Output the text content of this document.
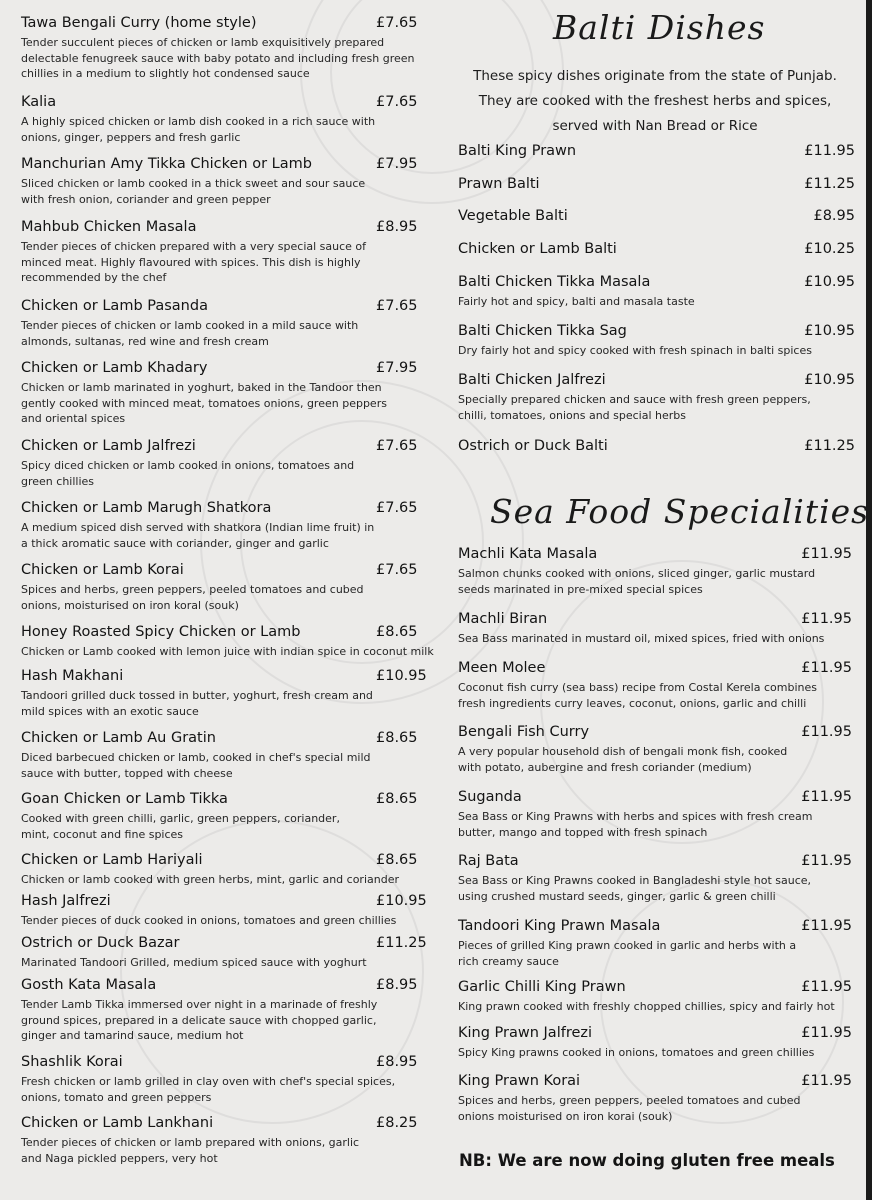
Tawa Bengali Curry (home style)	£7.65
Tender succulent pieces of chicken or lamb exquisitively prepared
delectable fenugreek sauce with baby potato and including fresh green
chillies in a medium to slightly hot condensed sauce
Kalia	£7.65
A highly spiced chicken or lamb dish cooked in a rich sauce with
onions, ginger, peppers and fresh garlic
Manchurian Amy Tikka Chicken or Lamb	£7.95
Sliced chicken or lamb cooked in a thick sweet and sour sauce
with fresh onion, coriander and green pepper
Mahbub Chicken Masala	£8.95
Tender pieces of chicken prepared with a very special sauce of
minced meat. Highly flavoured with spices. This dish is highly
recommended by the chef
Chicken or Lamb Pasanda	£7.65
Tender pieces of chicken or lamb cooked in a mild sauce with
almonds, sultanas, red wine and fresh cream
Chicken or Lamb Khadary	£7.95
Chicken or lamb marinated in yoghurt, baked in the Tandoor then
gently cooked with minced meat, tomatoes onions, green peppers
and oriental spices
Chicken or Lamb Jalfrezi	£7.65
Spicy diced chicken or lamb cooked in onions, tomatoes and
green chillies
Chicken or Lamb Marugh Shatkora	£7.65
A medium spiced dish served with shatkora (Indian lime fruit) in
a thick aromatic sauce with coriander, ginger and garlic
Chicken or Lamb Korai	£7.65
Spices and herbs, green peppers, peeled tomatoes and cubed
onions, moisturised on iron koral (souk)
Honey Roasted Spicy Chicken or Lamb	£8.65
Chicken or Lamb cooked with lemon juice with indian spice in coconut milk
Hash Makhani	£10.95
Tandoori grilled duck tossed in butter, yoghurt, fresh cream and
mild spices with an exotic sauce
Chicken or Lamb Au Gratin	£8.65
Diced barbecued chicken or lamb, cooked in chef's special mild
sauce with butter, topped with cheese
Goan Chicken or Lamb Tikka	£8.65
Cooked with green chilli, garlic, green peppers, coriander,
mint, coconut and fine spices
Chicken or Lamb Hariyali	£8.65
Chicken or lamb cooked with green herbs, mint, garlic and coriander
Hash Jalfrezi	£10.95
Tender pieces of duck cooked in onions, tomatoes and green chillies
Ostrich or Duck Bazar	£11.25
Marinated Tandoori Grilled, medium spiced sauce with yoghurt
Gosth Kata Masala	£8.95
Tender Lamb Tikka immersed over night in a marinade of freshly
ground spices, prepared in a delicate sauce with chopped garlic,
ginger and tamarind sauce, medium hot
Shashlik Korai	£8.95
Fresh chicken or lamb grilled in clay oven with chef's special spices,
onions, tomato and green peppers
Chicken or Lamb Lankhani	£8.25
Tender pieces of chicken or lamb prepared with onions, garlic
and Naga pickled peppers, very hot
Balti Dishes
These spicy dishes originate from the state of Punjab.
They are cooked with the freshest herbs and spices,
served with Nan Bread or Rice
Balti King Prawn	£11.95
Prawn Balti	£11.25
Vegetable Balti	£8.95
Chicken or Lamb Balti	£10.25
Balti Chicken Tikka Masala	£10.95
Fairly hot and spicy, balti and masala taste
Balti Chicken Tikka Sag	£10.95
Dry fairly hot and spicy cooked with fresh spinach in balti spices
Balti Chicken Jalfrezi	£10.95
Specially prepared chicken and sauce with fresh green peppers,
chilli, tomatoes, onions and special herbs
Ostrich or Duck Balti	£11.25
Sea Food Specialities
Machli Kata Masala	£11.95
Salmon chunks cooked with onions, sliced ginger, garlic mustard
seeds marinated in pre-mixed special spices
Machli Biran	£11.95
Sea Bass marinated in mustard oil, mixed spices, fried with onions
Meen Molee	£11.95
Coconut fish curry (sea bass) recipe from Costal Kerela combines
fresh ingredients curry leaves, coconut, onions, garlic and chilli
Bengali Fish Curry	£11.95
A very popular household dish of bengali monk fish, cooked
with potato, aubergine and fresh coriander (medium)
Suganda	£11.95
Sea Bass or King Prawns with herbs and spices with fresh cream
butter, mango and topped with fresh spinach
Raj Bata	£11.95
Sea Bass or King Prawns cooked in Bangladeshi style hot sauce,
using crushed mustard seeds, ginger, garlic & green chilli
Tandoori King Prawn Masala	£11.95
Pieces of grilled King prawn cooked in garlic and herbs with a
rich creamy sauce
Garlic Chilli King Prawn	£11.95
King prawn cooked with freshly chopped chillies, spicy and fairly hot
King Prawn Jalfrezi	£11.95
Spicy King prawns cooked in onions, tomatoes and green chillies
King Prawn Korai	£11.95
Spices and herbs, green peppers, peeled tomatoes and cubed
onions moisturised on iron korai (souk)
NB: We are now doing gluten free meals
